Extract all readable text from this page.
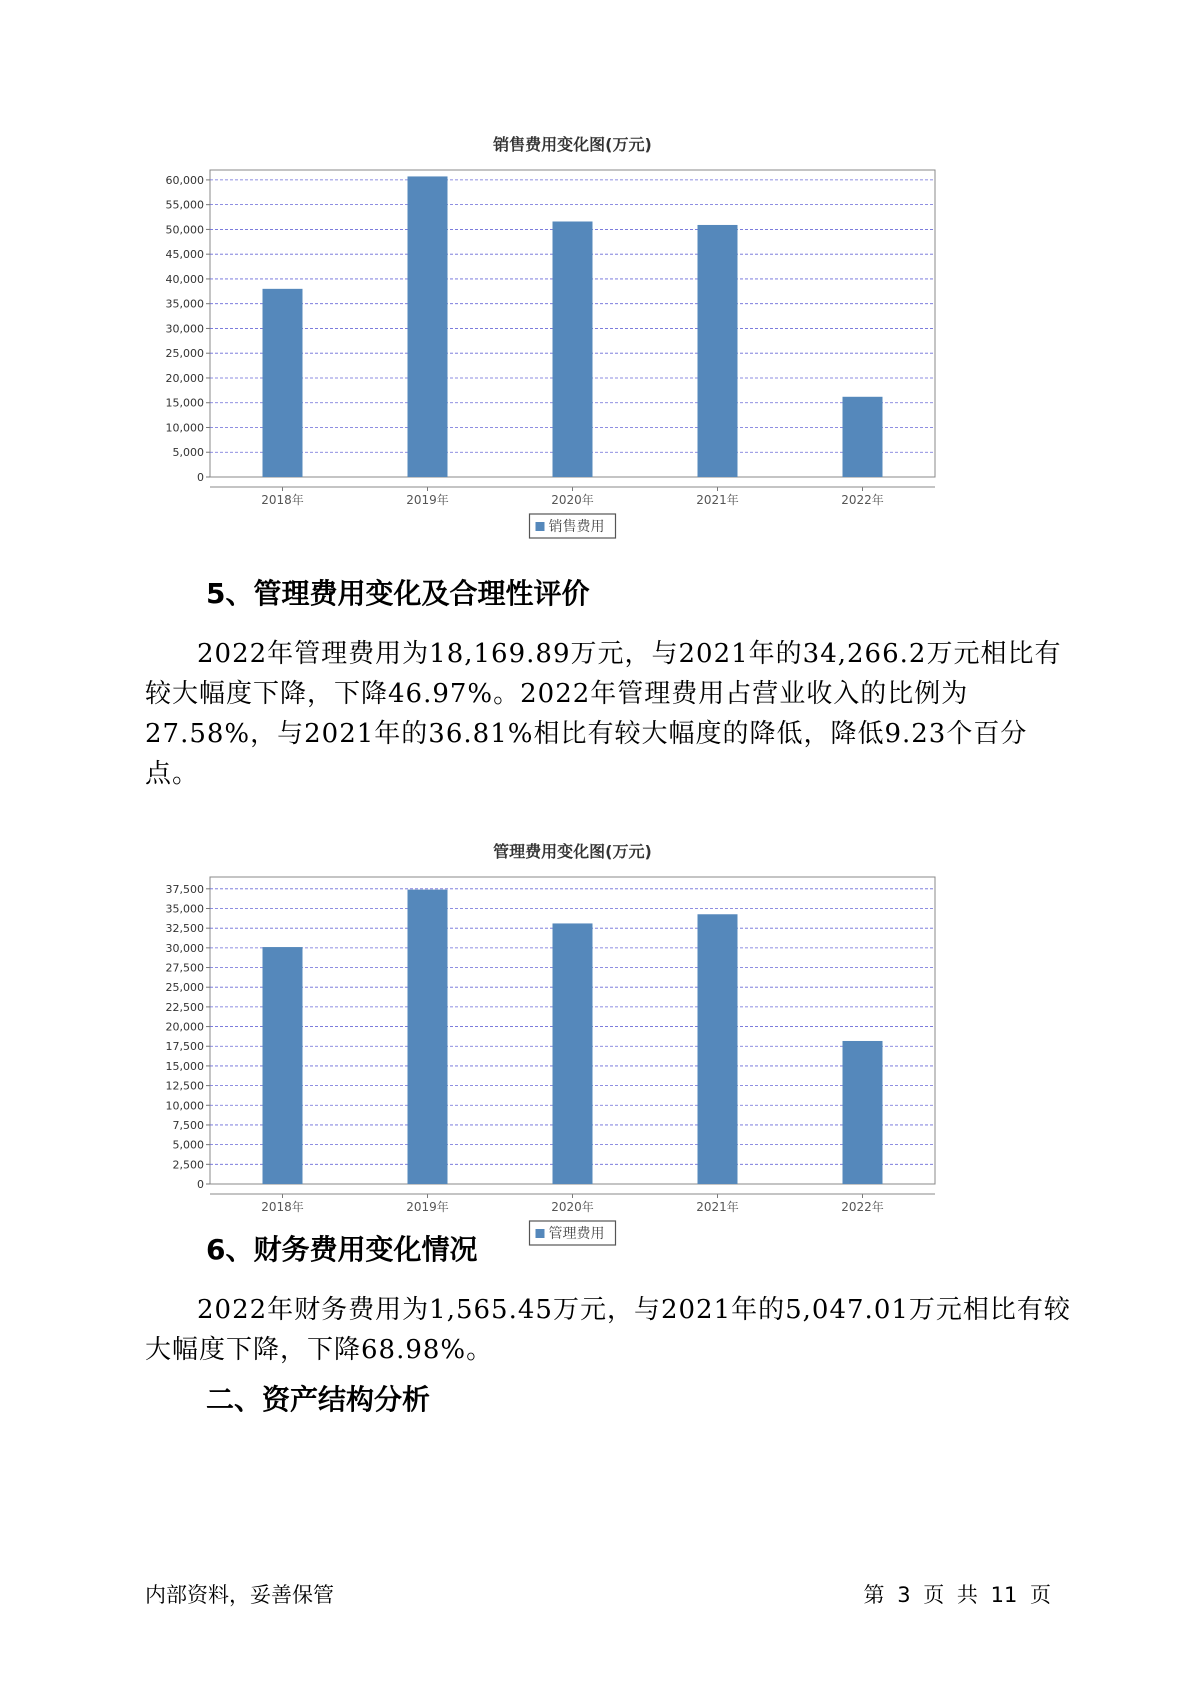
销售费用变化图(万元)
0
5,000
10,000
15,000
20,000
25,000
30,000
35,000
40,000
45,000
50,000
55,000
60,000
2018年	2019年	2020年	2021年	2022年
销售费用
5、管理费用变化及合理性评价

2022年管理费用为18,169.89万元，与2021年的34,266.2万元相比有较大幅度下降，下降46.97%。2022年管理费用占营业收入的比例为27.58%，与2021年的36.81%相比有较大幅度的降低，降低9.23个百分点。

管理费用变化图(万元)
0
2,500
5,000
7,500
10,000
12,500
15,000
17,500
20,000
22,500
25,000
27,500
30,000
32,500
35,000
37,500
2018年	2019年	2020年	2021年	2022年
管理费用
6、财务费用变化情况

2022年财务费用为1,565.45万元，与2021年的5,047.01万元相比有较大幅度下降，下降68.98%。

二、资产结构分析
内部资料，妥善保管	第 3 页 共 11 页
